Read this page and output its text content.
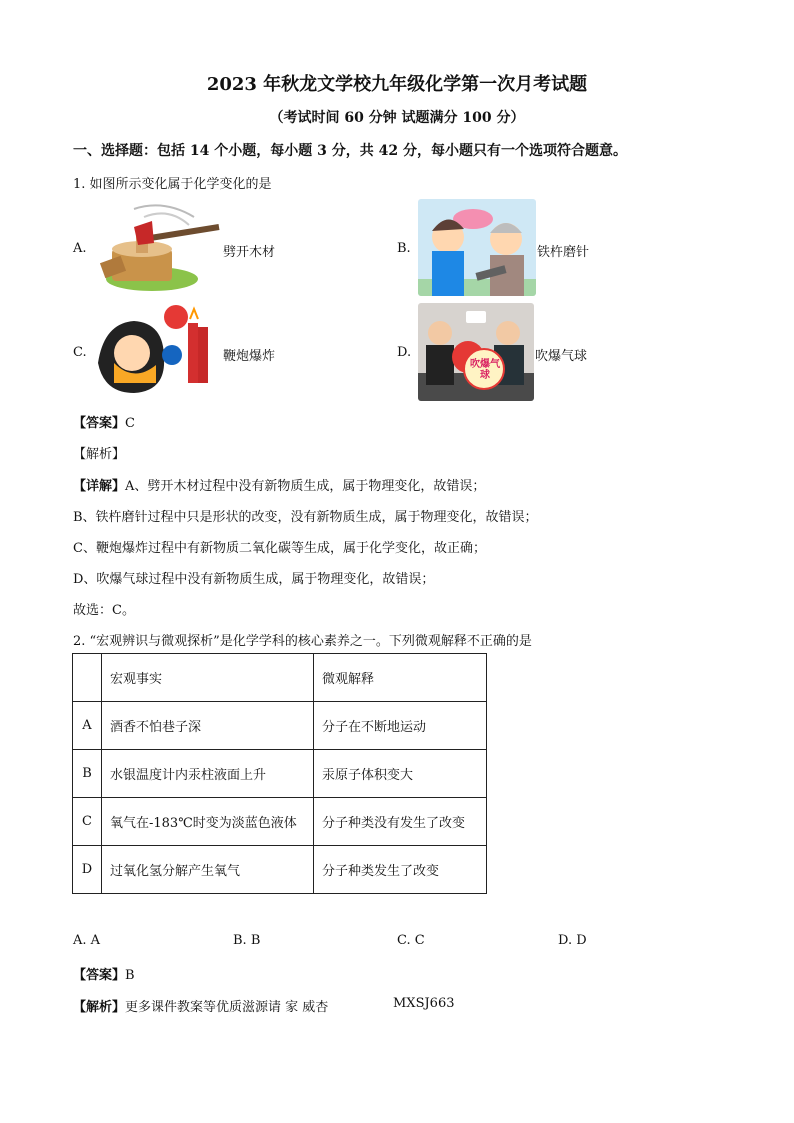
2023 年秋龙文学校九年级化学第一次月考试题
（考试时间 60 分钟 试题满分 100 分）
一、选择题：包括 14 个小题，每小题 3 分，共 42 分，每小题只有一个选项符合题意。
1. 如图所示变化属于化学变化的是
A.	劈开木材	B.	铁杵磨针
C.	鞭炮爆炸	D.
吹爆气球
吹爆气球
【答案】C
【解析】
【详解】A、劈开木材过程中没有新物质生成，属于物理变化，故错误；
B、铁杵磨针过程中只是形状的改变，没有新物质生成，属于物理变化，故错误；
C、鞭炮爆炸过程中有新物质二氧化碳等生成，属于化学变化，故正确；
D、吹爆气球过程中没有新物质生成，属于物理变化，故错误；
故选：C。
2. “宏观辨识与微观探析”是化学学科的核心素养之一。下列微观解释不正确的是
	宏观事实	微观解释
A	酒香不怕巷子深	分子在不断地运动
B	水银温度计内汞柱液面上升	汞原子体积变大
C	氧气在-183℃时变为淡蓝色液体	分子种类没有发生了改变
D	过氧化氢分解产生氧气	分子种类发生了改变
A. A	B. B	C. C	D. D
【答案】B
【解析】更多课件教案等优质滋源请 家 威杏	MXSJ663
